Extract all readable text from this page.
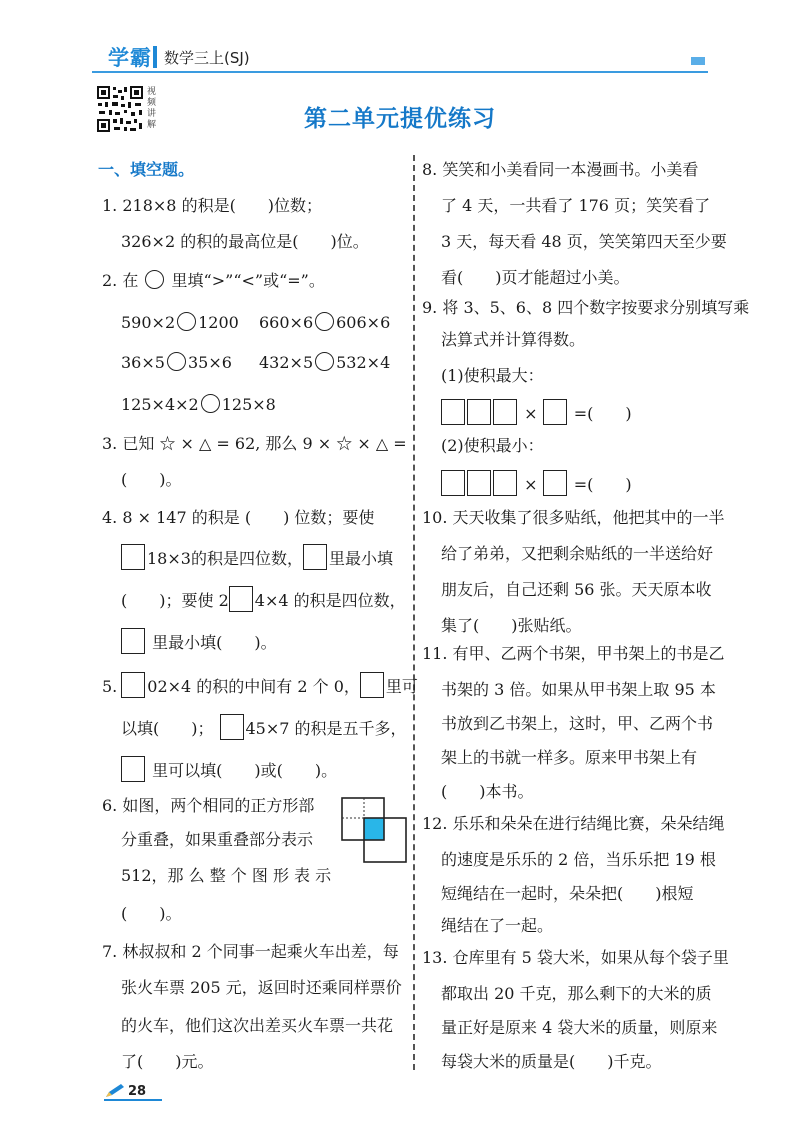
学霸 数学三上(SJ)
视频讲解	第二单元提优练习
一、填空题。
1. 218×8 的积是(　　)位数；
326×2 的积的最高位是(　　)位。
2. 在 里填“>”“<”或“=”。
590×2 1200 660×6 606×6
36×5 35×6 432×5 532×4
125×4×2 125×8
3. 已知 ☆ × △ = 62, 那么 9 × ☆ × △ =
(　　)。
4. 8 × 147 的积是 (　　) 位数；要使
18×3的积是四位数， 里最小填
(　　)；要使 2 4×4 的积是四位数，
里最小填(　　)。
5. 02×4 的积的中间有 2 个 0， 里可
以填(　　)； 45×7 的积是五千多，
里可以填(　　)或(　　)。
6. 如图，两个相同的正方形部
分重叠，如果重叠部分表示
512，那 么 整 个 图 形 表 示
(　　)。
7. 林叔叔和 2 个同事一起乘火车出差，每
张火车票 205 元，返回时还乘同样票价
的火车，他们这次出差买火车票一共花
了(　　)元。
8. 笑笑和小美看同一本漫画书。小美看
了 4 天，一共看了 176 页；笑笑看了
3 天，每天看 48 页，笑笑第四天至少要
看(　　)页才能超过小美。
9. 将 3、5、6、8 四个数字按要求分别填写乘
法算式并计算得数。
(1)使积最大：
× =(　　)
(2)使积最小：
× =(　　)
10. 天天收集了很多贴纸，他把其中的一半
给了弟弟，又把剩余贴纸的一半送给好
朋友后，自己还剩 56 张。天天原本收
集了(　　)张贴纸。
11. 有甲、乙两个书架，甲书架上的书是乙
书架的 3 倍。如果从甲书架上取 95 本
书放到乙书架上，这时，甲、乙两个书
架上的书就一样多。原来甲书架上有
(　　)本书。
12. 乐乐和朵朵在进行结绳比赛，朵朵结绳
的速度是乐乐的 2 倍，当乐乐把 19 根
短绳结在一起时，朵朵把(　　)根短
绳结在了一起。
13. 仓库里有 5 袋大米，如果从每个袋子里
都取出 20 千克，那么剩下的大米的质
量正好是原来 4 袋大米的质量，则原来
每袋大米的质量是(　　)千克。
28
